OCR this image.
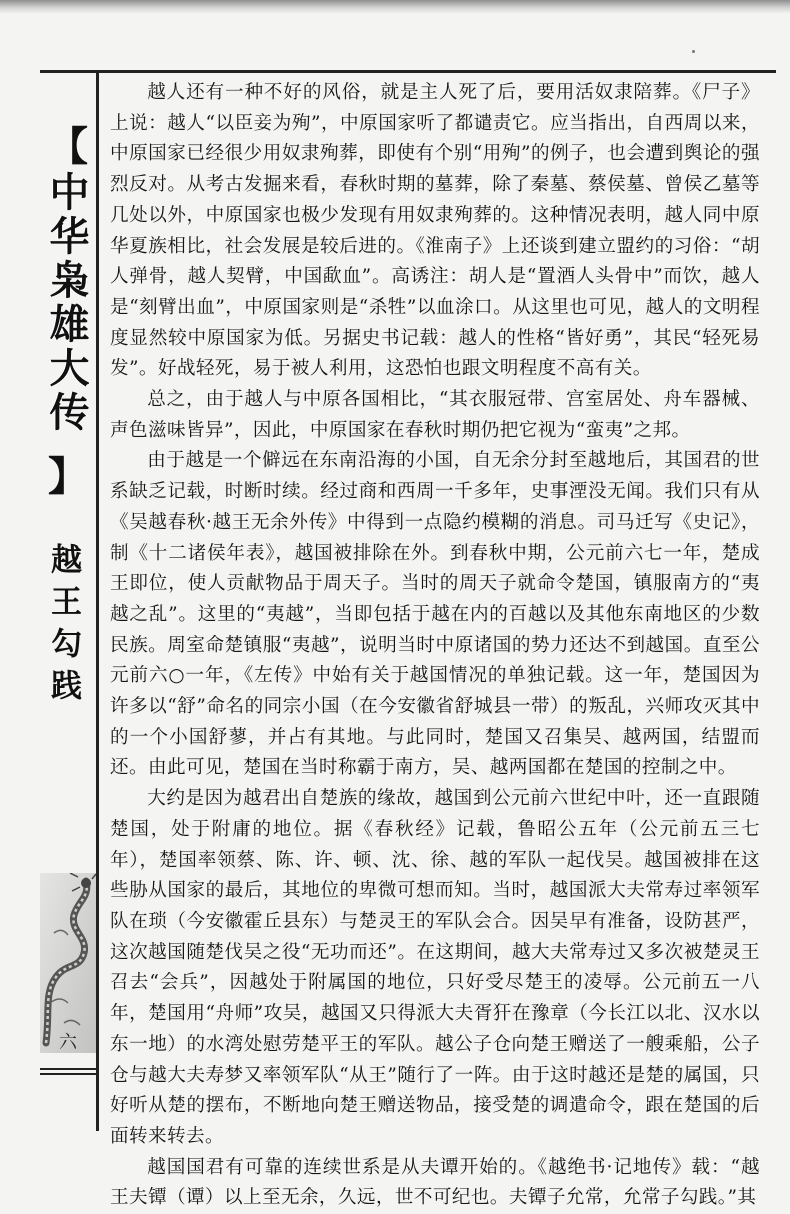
【
中华枭雄大传
】
越王勾践
六

越人还有一种不好的风俗，就是主人死了后，要用活奴隶陪葬。《尸子》上说：越人“以臣妾为殉”，中原国家听了都谴责它。应当指出，自西周以来，中原国家已经很少用奴隶殉葬，即使有个别“用殉”的例子，也会遭到舆论的强烈反对。从考古发掘来看，春秋时期的墓葬，除了秦墓、蔡侯墓、曾侯乙墓等几处以外，中原国家也极少发现有用奴隶殉葬的。这种情况表明，越人同中原华夏族相比，社会发展是较后进的。《淮南子》上还谈到建立盟约的习俗：“胡人弹骨，越人契臂，中国歃血”。高诱注：胡人是“置酒人头骨中”而饮，越人是“刻臂出血”，中原国家则是“杀牲”以血涂口。从这里也可见，越人的文明程度显然较中原国家为低。另据史书记载：越人的性格“皆好勇”，其民“轻死易发”。好战轻死，易于被人利用，这恐怕也跟文明程度不高有关。

总之，由于越人与中原各国相比，“其衣服冠带、宫室居处、舟车器械、声色滋味皆异”，因此，中原国家在春秋时期仍把它视为“蛮夷”之邦。

由于越是一个僻远在东南沿海的小国，自无余分封至越地后，其国君的世系缺乏记载，时断时续。经过商和西周一千多年，史事湮没无闻。我们只有从《吴越春秋·越王无余外传》中得到一点隐约模糊的消息。司马迁写《史记》，制《十二诸侯年表》，越国被排除在外。到春秋中期，公元前六七一年，楚成王即位，使人贡献物品于周天子。当时的周天子就命令楚国，镇服南方的“夷越之乱”。这里的“夷越”，当即包括于越在内的百越以及其他东南地区的少数民族。周室命楚镇服“夷越”，说明当时中原诸国的势力还达不到越国。直至公元前六○一年，《左传》中始有关于越国情况的单独记载。这一年，楚国因为许多以“舒”命名的同宗小国（在今安徽省舒城县一带）的叛乱，兴师攻灭其中的一个小国舒蓼，并占有其地。与此同时，楚国又召集吴、越两国，结盟而还。由此可见，楚国在当时称霸于南方，吴、越两国都在楚国的控制之中。

大约是因为越君出自楚族的缘故，越国到公元前六世纪中叶，还一直跟随楚国，处于附庸的地位。据《春秋经》记载，鲁昭公五年（公元前五三七年），楚国率领蔡、陈、许、顿、沈、徐、越的军队一起伐吴。越国被排在这些胁从国家的最后，其地位的卑微可想而知。当时，越国派大夫常寿过率领军队在琐（今安徽霍丘县东）与楚灵王的军队会合。因吴早有准备，设防甚严，这次越国随楚伐吴之役“无功而还”。在这期间，越大夫常寿过又多次被楚灵王召去“会兵”，因越处于附属国的地位，只好受尽楚王的凌辱。公元前五一八年，楚国用“舟师”攻吴，越国又只得派大夫胥犴在豫章（今长江以北、汉水以东一地）的水湾处慰劳楚平王的军队。越公子仓向楚王赠送了一艘乘船，公子仓与越大夫寿梦又率领军队“从王”随行了一阵。由于这时越还是楚的属国，只好听从楚的摆布，不断地向楚王赠送物品，接受楚的调遣命令，跟在楚国的后面转来转去。

越国国君有可靠的连续世系是从夫谭开始的。《越绝书·记地传》载：“越王夫镡（谭）以上至无余，久远，世不可纪也。夫镡子允常，允常子勾践。”其
